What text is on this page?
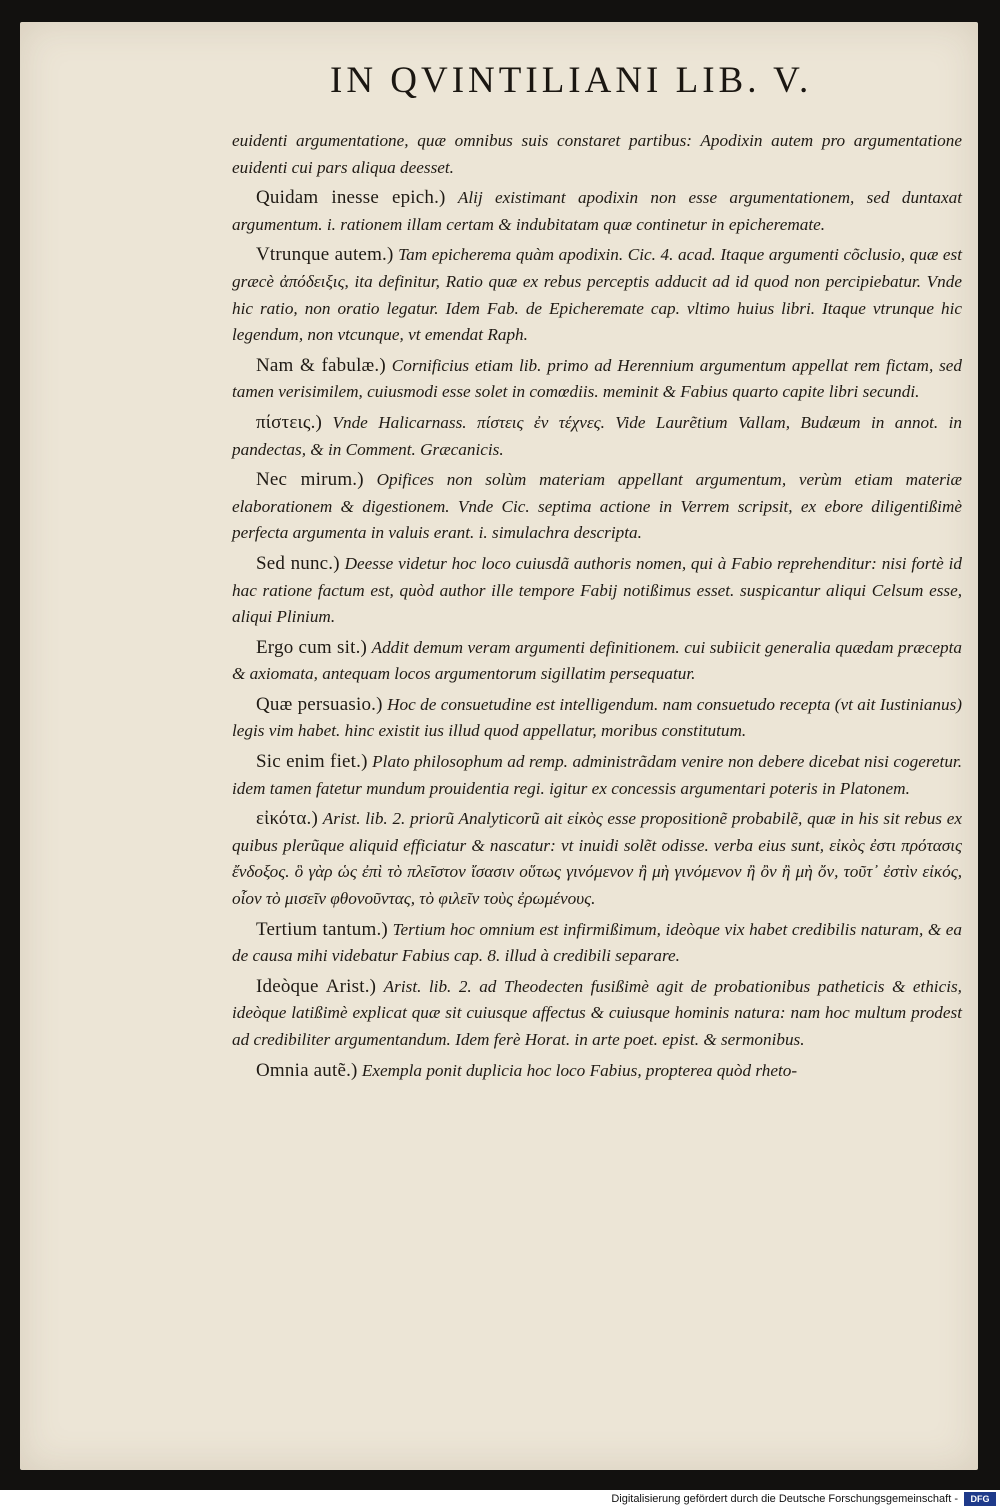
IN QVINTILIANI LIB. V.

euidenti argumentatione, quæ omnibus suis constaret partibus: Apodixin autem pro argumentatione euidenti cui pars aliqua deesset.

Quidam inesse epich.) Alij existimant apodixin non esse argumentationem, sed duntaxat argumentum. i. rationem illam certam & indubitatam quæ continetur in epicheremate.

Vtrunque autem.) Tam epicherema quàm apodixin. Cic. 4. acad. Itaque argumenti cõclusio, quæ est græcè ἀπόδειξις, ita definitur, Ratio quæ ex rebus perceptis adducit ad id quod non percipiebatur. Vnde hic ratio, non oratio legatur. Idem Fab. de Epicheremate cap. vltimo huius libri. Itaque vtrunque hic legendum, non vtcunque, vt emendat Raph.

Nam & fabulæ.) Cornificius etiam lib. primo ad Herennium argumentum appellat rem fictam, sed tamen verisimilem, cuiusmodi esse solet in comœdiis. meminit & Fabius quarto capite libri secundi.

πίστεις.) Vnde Halicarnass. πίστεις ἐν τέχνες. Vide Laurẽtium Vallam, Budæum in annot. in pandectas, & in Comment. Græcanicis.

Nec mirum.) Opifices non solùm materiam appellant argumentum, verùm etiam materiæ elaborationem & digestionem. Vnde Cic. septima actione in Verrem scripsit, ex ebore diligentißimè perfecta argumenta in valuis erant. i. simulachra descripta.

Sed nunc.) Deesse videtur hoc loco cuiusdã authoris nomen, qui à Fabio reprehenditur: nisi fortè id hac ratione factum est, quòd author ille tempore Fabij notißimus esset. suspicantur aliqui Celsum esse, aliqui Plinium.

Ergo cum sit.) Addit demum veram argumenti definitionem. cui subiicit generalia quædam præcepta & axiomata, antequam locos argumentorum sigillatim persequatur.

Quæ persuasio.) Hoc de consuetudine est intelligendum. nam consuetudo recepta (vt ait Iustinianus) legis vim habet. hinc existit ius illud quod appellatur, moribus constitutum.

Sic enim fiet.) Plato philosophum ad remp. administrãdam venire non debere dicebat nisi cogeretur. idem tamen fatetur mundum prouidentia regi. igitur ex concessis argumentari poteris in Platonem.

εἰκότα.) Arist. lib. 2. priorũ Analyticorũ ait εἰκὸς esse propositionẽ probabilẽ, quæ in his sit rebus ex quibus plerũque aliquid efficiatur & nascatur: vt inuidi solẽt odisse. verba eius sunt, εἰκὸς ἐστι πρότασις ἔνδοξος. ὃ γὰρ ὡς ἐπὶ τὸ πλεῖστον ἴσασιν οὕτως γινόμενον ἢ μὴ γινόμενον ἢ ὂν ἢ μὴ ὄν, τοῦτ᾽ ἐστὶν εἰκός, οἷον τὸ μισεῖν φθονοῦντας, τὸ φιλεῖν τοὺς ἐρωμένους.

Tertium tantum.) Tertium hoc omnium est infirmißimum, ideòque vix habet credibilis naturam, & ea de causa mihi videbatur Fabius cap. 8. illud à credibili separare.

Ideòque Arist.) Arist. lib. 2. ad Theodecten fusißimè agit de probationibus patheticis & ethicis, ideòque latißimè explicat quæ sit cuiusque affectus & cuiusque hominis natura: nam hoc multum prodest ad credibiliter argumentandum. Idem ferè Horat. in arte poet. epist. & sermonibus.

Omnia autẽ.) Exempla ponit duplicia hoc loco Fabius, propterea quòd rheto-

Digitalisierung gefördert durch die Deutsche Forschungsgemeinschaft -	DFG
